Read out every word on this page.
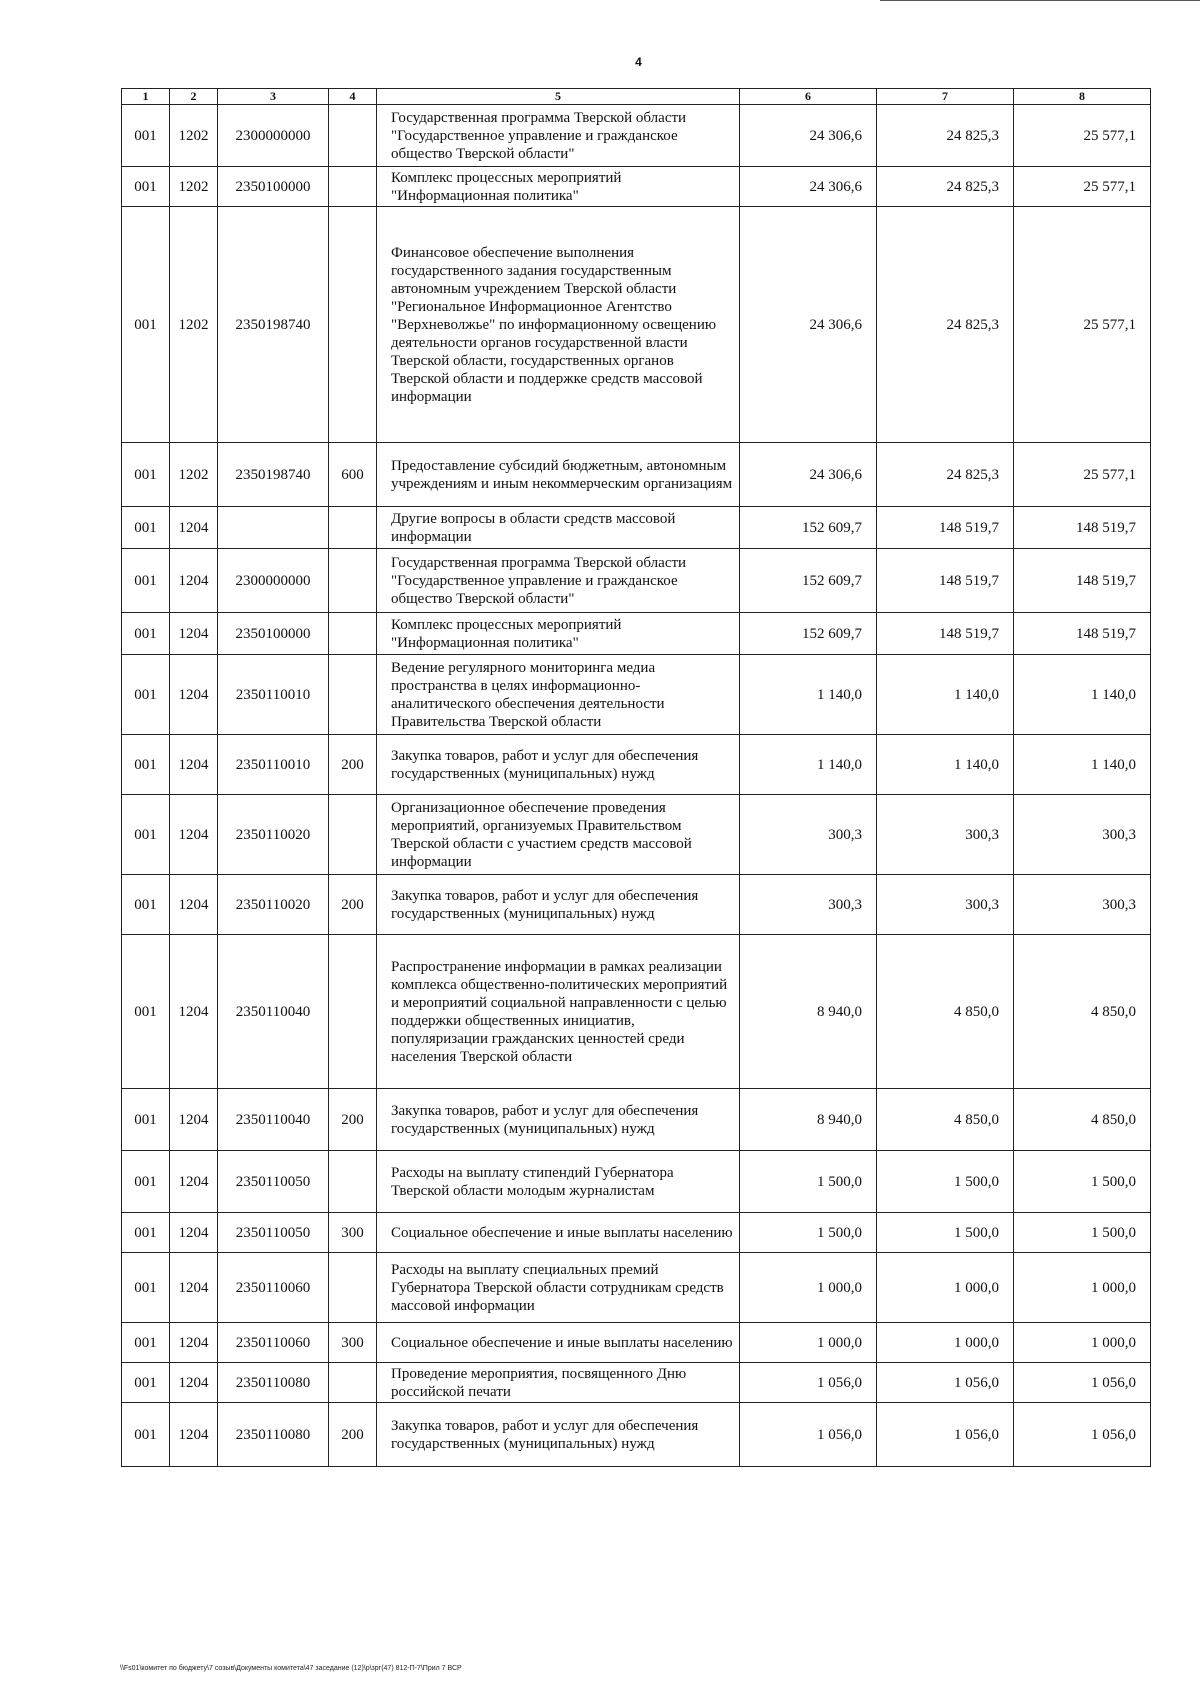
4
1	2	3	4	5	6	7	8
001	1202	2300000000		Государственная программа Тверской области "Государственное управление и гражданское общество Тверской области"	24 306,6	24 825,3	25 577,1
001	1202	2350100000		Комплекс процессных мероприятий "Информационная политика"	24 306,6	24 825,3	25 577,1
001	1202	2350198740		Финансовое обеспечение выполнения государственного задания государственным автономным учреждением Тверской области "Региональное Информационное Агентство "Верхневолжье" по информационному освещению деятельности органов государственной власти Тверской области, государственных органов Тверской области и поддержке средств массовой информации	24 306,6	24 825,3	25 577,1
001	1202	2350198740	600	Предоставление субсидий бюджетным, автономным учреждениям и иным некоммерческим организациям	24 306,6	24 825,3	25 577,1
001	1204			Другие вопросы в области средств массовой информации	152 609,7	148 519,7	148 519,7
001	1204	2300000000		Государственная программа Тверской области "Государственное управление и гражданское общество Тверской области"	152 609,7	148 519,7	148 519,7
001	1204	2350100000		Комплекс процессных мероприятий "Информационная политика"	152 609,7	148 519,7	148 519,7
001	1204	2350110010		Ведение регулярного мониторинга медиа пространства в целях информационно-аналитического обеспечения деятельности Правительства Тверской области	1 140,0	1 140,0	1 140,0
001	1204	2350110010	200	Закупка товаров, работ и услуг для обеспечения государственных (муниципальных) нужд	1 140,0	1 140,0	1 140,0
001	1204	2350110020		Организационное обеспечение проведения мероприятий, организуемых Правительством Тверской области с участием средств массовой информации	300,3	300,3	300,3
001	1204	2350110020	200	Закупка товаров, работ и услуг для обеспечения государственных (муниципальных) нужд	300,3	300,3	300,3
001	1204	2350110040		Распространение информации в рамках реализации комплекса общественно-политических мероприятий и мероприятий социальной направленности с целью поддержки общественных инициатив, популяризации гражданских ценностей среди населения Тверской области	8 940,0	4 850,0	4 850,0
001	1204	2350110040	200	Закупка товаров, работ и услуг для обеспечения государственных (муниципальных) нужд	8 940,0	4 850,0	4 850,0
001	1204	2350110050		Расходы на выплату стипендий Губернатора Тверской области молодым журналистам	1 500,0	1 500,0	1 500,0
001	1204	2350110050	300	Социальное обеспечение и иные выплаты населению	1 500,0	1 500,0	1 500,0
001	1204	2350110060		Расходы на выплату специальных премий Губернатора Тверской области сотрудникам средств массовой информации	1 000,0	1 000,0	1 000,0
001	1204	2350110060	300	Социальное обеспечение и иные выплаты населению	1 000,0	1 000,0	1 000,0
001	1204	2350110080		Проведение мероприятия, посвященного Дню российской печати	1 056,0	1 056,0	1 056,0
001	1204	2350110080	200	Закупка товаров, работ и услуг для обеспечения государственных (муниципальных) нужд	1 056,0	1 056,0	1 056,0
\\Fs01\комитет по бюджету\7 созыв\Документы комитета\47 заседание (12)\р\зрг(47) 812-П-7\Прил 7 ВСР
